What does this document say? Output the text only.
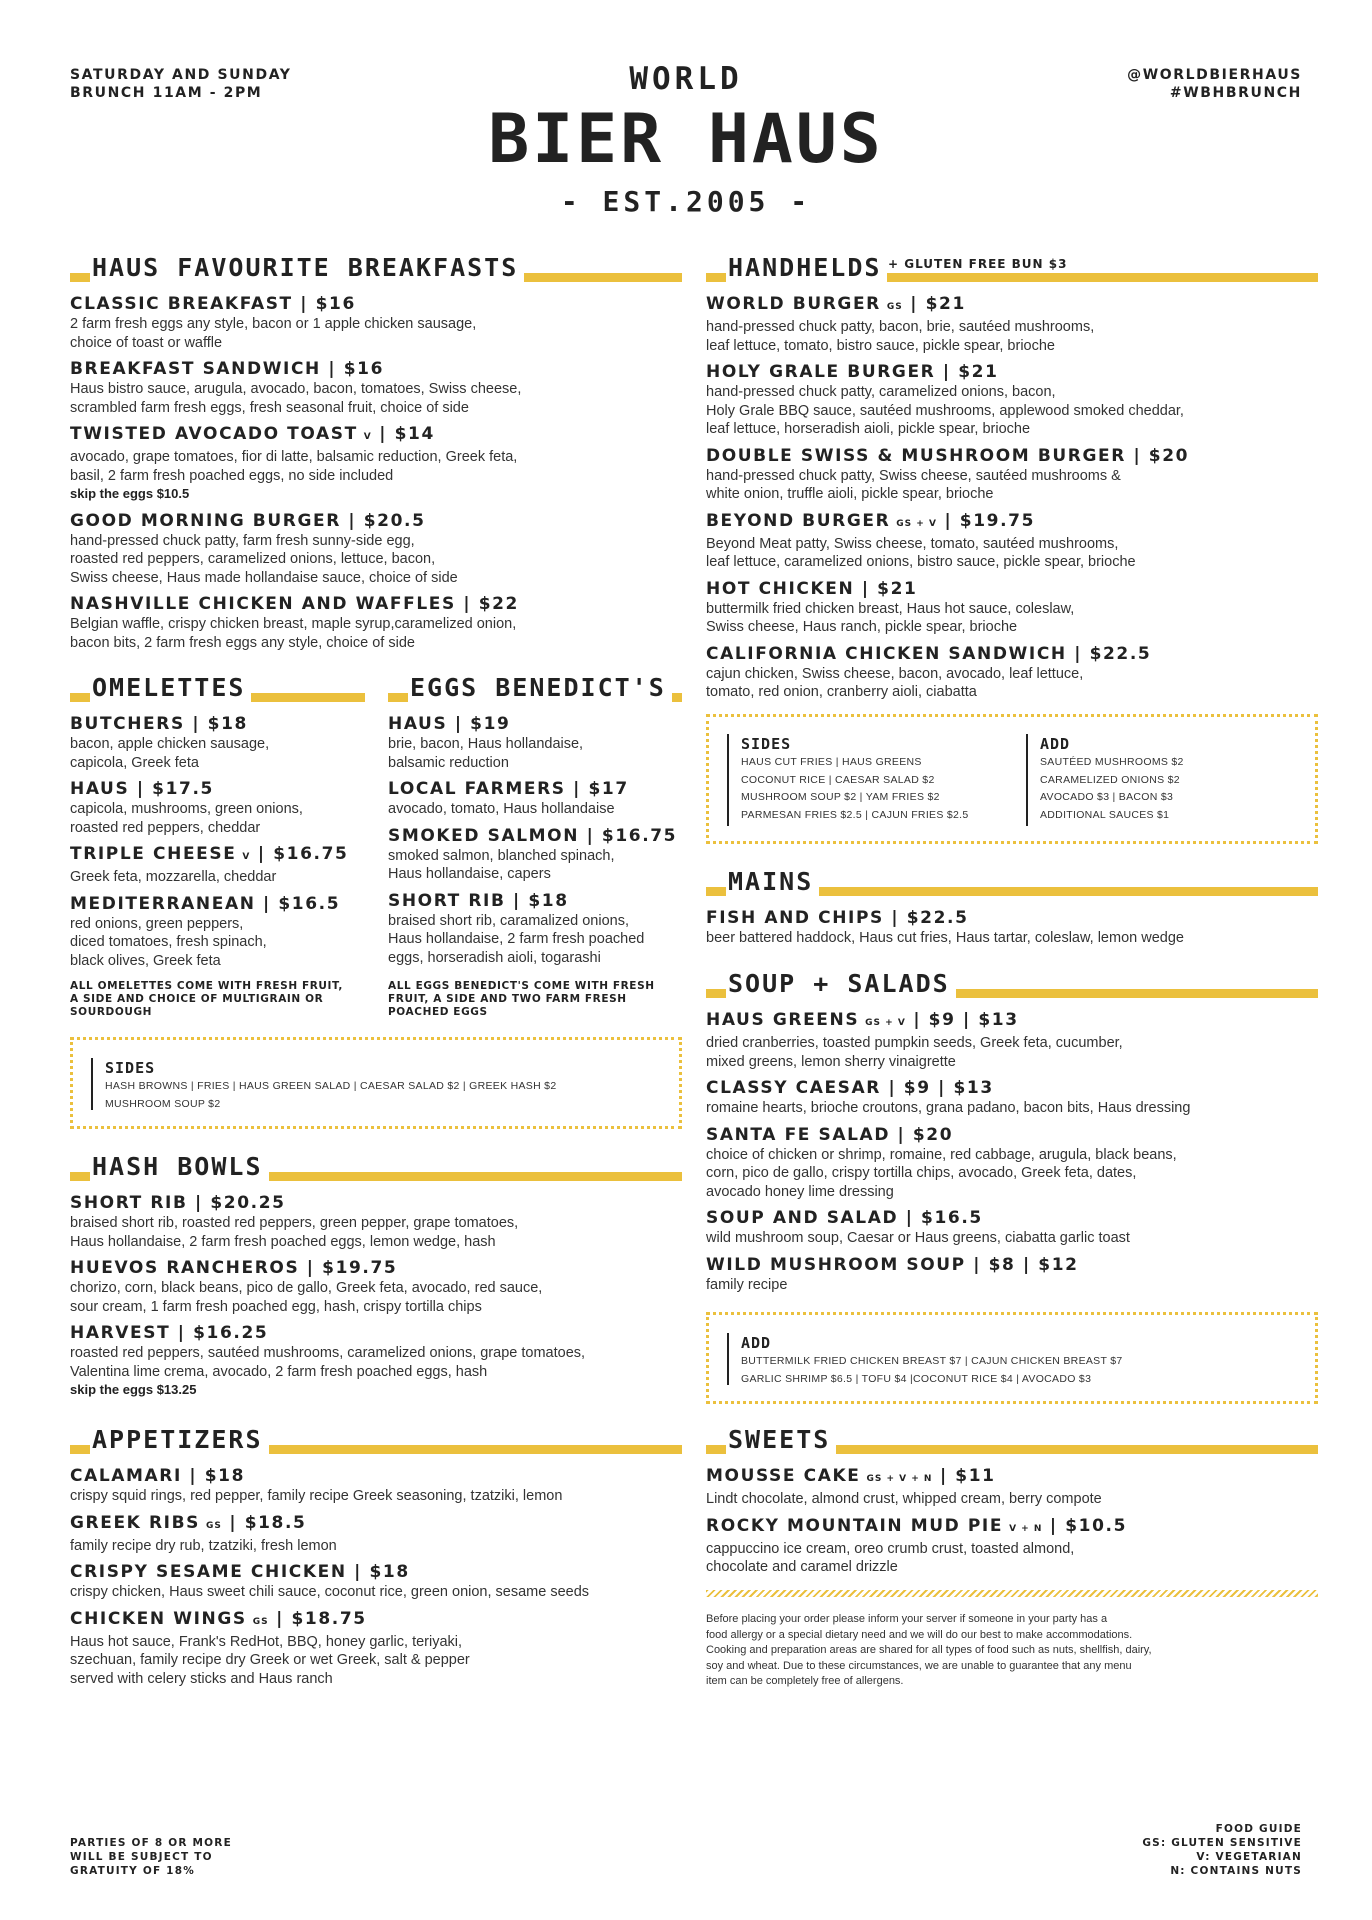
SATURDAY AND SUNDAY
BRUNCH 11AM - 2PM
@WORLDBIERHAUS
#WBHBRUNCH
WORLD
BIER HAUS
- EST.2005 -
HAUS FAVOURITE BREAKFASTS
CLASSIC BREAKFAST | $16

2 farm fresh eggs any style, bacon or 1 apple chicken sausage,

choice of toast or waffle

BREAKFAST SANDWICH | $16

Haus bistro sauce, arugula, avocado, bacon, tomatoes, Swiss cheese,

scrambled farm fresh eggs, fresh seasonal fruit, choice of side

TWISTED AVOCADO TOAST V | $14

avocado, grape tomatoes, fior di latte, balsamic reduction, Greek feta,

basil, 2 farm fresh poached eggs, no side included

skip the eggs $10.5

GOOD MORNING BURGER | $20.5

hand-pressed chuck patty, farm fresh sunny-side egg,

roasted red peppers, caramelized onions, lettuce, bacon,

Swiss cheese, Haus made hollandaise sauce, choice of side

NASHVILLE CHICKEN AND WAFFLES | $22

Belgian waffle, crispy chicken breast, maple syrup,caramelized onion,

bacon bits, 2 farm fresh eggs any style, choice of side

OMELETTES
BUTCHERS | $18

bacon, apple chicken sausage,

capicola, Greek feta

HAUS | $17.5

capicola, mushrooms, green onions,

roasted red peppers, cheddar

TRIPLE CHEESE V | $16.75

Greek feta, mozzarella, cheddar

MEDITERRANEAN | $16.5

red onions, green peppers,

diced tomatoes, fresh spinach,

black olives, Greek feta

ALL OMELETTES COME WITH FRESH FRUIT,
A SIDE AND CHOICE OF MULTIGRAIN OR
SOURDOUGH
EGGS BENEDICT'S
HAUS | $19

brie, bacon, Haus hollandaise,

balsamic reduction

LOCAL FARMERS | $17

avocado, tomato, Haus hollandaise

SMOKED SALMON | $16.75

smoked salmon, blanched spinach,

Haus hollandaise, capers

SHORT RIB | $18

braised short rib, caramalized onions,

Haus hollandaise, 2 farm fresh poached

eggs, horseradish aioli, togarashi

ALL EGGS BENEDICT'S COME WITH FRESH
FRUIT, A SIDE AND TWO FARM FRESH
POACHED EGGS
SIDES

HASH BROWNS | FRIES | HAUS GREEN SALAD | CAESAR SALAD $2 | GREEK HASH $2

MUSHROOM SOUP $2

HASH BOWLS
SHORT RIB | $20.25

braised short rib, roasted red peppers, green pepper, grape tomatoes,

Haus hollandaise, 2 farm fresh poached eggs, lemon wedge, hash

HUEVOS RANCHEROS | $19.75

chorizo, corn, black beans, pico de gallo, Greek feta, avocado, red sauce,

sour cream, 1 farm fresh poached egg, hash, crispy tortilla chips

HARVEST | $16.25

roasted red peppers, sautéed mushrooms, caramelized onions, grape tomatoes,

Valentina lime crema, avocado, 2 farm fresh poached eggs, hash

skip the eggs $13.25

APPETIZERS
CALAMARI | $18

crispy squid rings, red pepper, family recipe Greek seasoning, tzatziki, lemon

GREEK RIBS GS | $18.5

family recipe dry rub, tzatziki, fresh lemon

CRISPY SESAME CHICKEN | $18

crispy chicken, Haus sweet chili sauce, coconut rice, green onion, sesame seeds

CHICKEN WINGS GS | $18.75

Haus hot sauce, Frank's RedHot, BBQ, honey garlic, teriyaki,

szechuan, family recipe dry Greek or wet Greek, salt & pepper

served with celery sticks and Haus ranch

HANDHELDS + GLUTEN FREE BUN $3
WORLD BURGER GS | $21

hand-pressed chuck patty, bacon, brie, sautéed mushrooms,

leaf lettuce, tomato, bistro sauce, pickle spear, brioche

HOLY GRALE BURGER | $21

hand-pressed chuck patty, caramelized onions, bacon,

Holy Grale BBQ sauce, sautéed mushrooms, applewood smoked cheddar,

leaf lettuce, horseradish aioli, pickle spear, brioche

DOUBLE SWISS & MUSHROOM BURGER | $20

hand-pressed chuck patty, Swiss cheese, sautéed mushrooms &

white onion, truffle aioli, pickle spear, brioche

BEYOND BURGER GS + V | $19.75

Beyond Meat patty, Swiss cheese, tomato, sautéed mushrooms,

leaf lettuce, caramelized onions, bistro sauce, pickle spear, brioche

HOT CHICKEN | $21

buttermilk fried chicken breast, Haus hot sauce, coleslaw,

Swiss cheese, Haus ranch, pickle spear, brioche

CALIFORNIA CHICKEN SANDWICH | $22.5

cajun chicken, Swiss cheese, bacon, avocado, leaf lettuce,

tomato, red onion, cranberry aioli, ciabatta

SIDES

HAUS CUT FRIES | HAUS GREENS

COCONUT RICE | CAESAR SALAD $2

MUSHROOM SOUP $2 | YAM FRIES $2

PARMESAN FRIES $2.5 | CAJUN FRIES $2.5

ADD

SAUTÉED MUSHROOMS $2

CARAMELIZED ONIONS $2

AVOCADO $3 | BACON $3

ADDITIONAL SAUCES $1

MAINS
FISH AND CHIPS | $22.5

beer battered haddock, Haus cut fries, Haus tartar, coleslaw, lemon wedge

SOUP + SALADS
HAUS GREENS GS + V | $9 | $13

dried cranberries, toasted pumpkin seeds, Greek feta, cucumber,

mixed greens, lemon sherry vinaigrette

CLASSY CAESAR | $9 | $13

romaine hearts, brioche croutons, grana padano, bacon bits, Haus dressing

SANTA FE SALAD | $20

choice of chicken or shrimp, romaine, red cabbage, arugula, black beans,

corn, pico de gallo, crispy tortilla chips, avocado, Greek feta, dates,

avocado honey lime dressing

SOUP AND SALAD | $16.5

wild mushroom soup, Caesar or Haus greens, ciabatta garlic toast

WILD MUSHROOM SOUP | $8 | $12

family recipe

ADD

BUTTERMILK FRIED CHICKEN BREAST $7 | CAJUN CHICKEN BREAST $7

GARLIC SHRIMP $6.5 | TOFU $4 |COCONUT RICE $4 | AVOCADO $3

SWEETS
MOUSSE CAKE GS + V + N | $11

Lindt chocolate, almond crust, whipped cream, berry compote

ROCKY MOUNTAIN MUD PIE V + N | $10.5

cappuccino ice cream, oreo crumb crust, toasted almond,

chocolate and caramel drizzle

Before placing your order please inform your server if someone in your party has a
food allergy or a special dietary need and we will do our best to make accommodations.
Cooking and preparation areas are shared for all types of food such as nuts, shellfish, dairy,
soy and wheat. Due to these circumstances, we are unable to guarantee that any menu
item can be completely free of allergens.
PARTIES OF 8 OR MORE
WILL BE SUBJECT TO
GRATUITY OF 18%
FOOD GUIDE
GS: GLUTEN SENSITIVE
V: VEGETARIAN
N: CONTAINS NUTS
